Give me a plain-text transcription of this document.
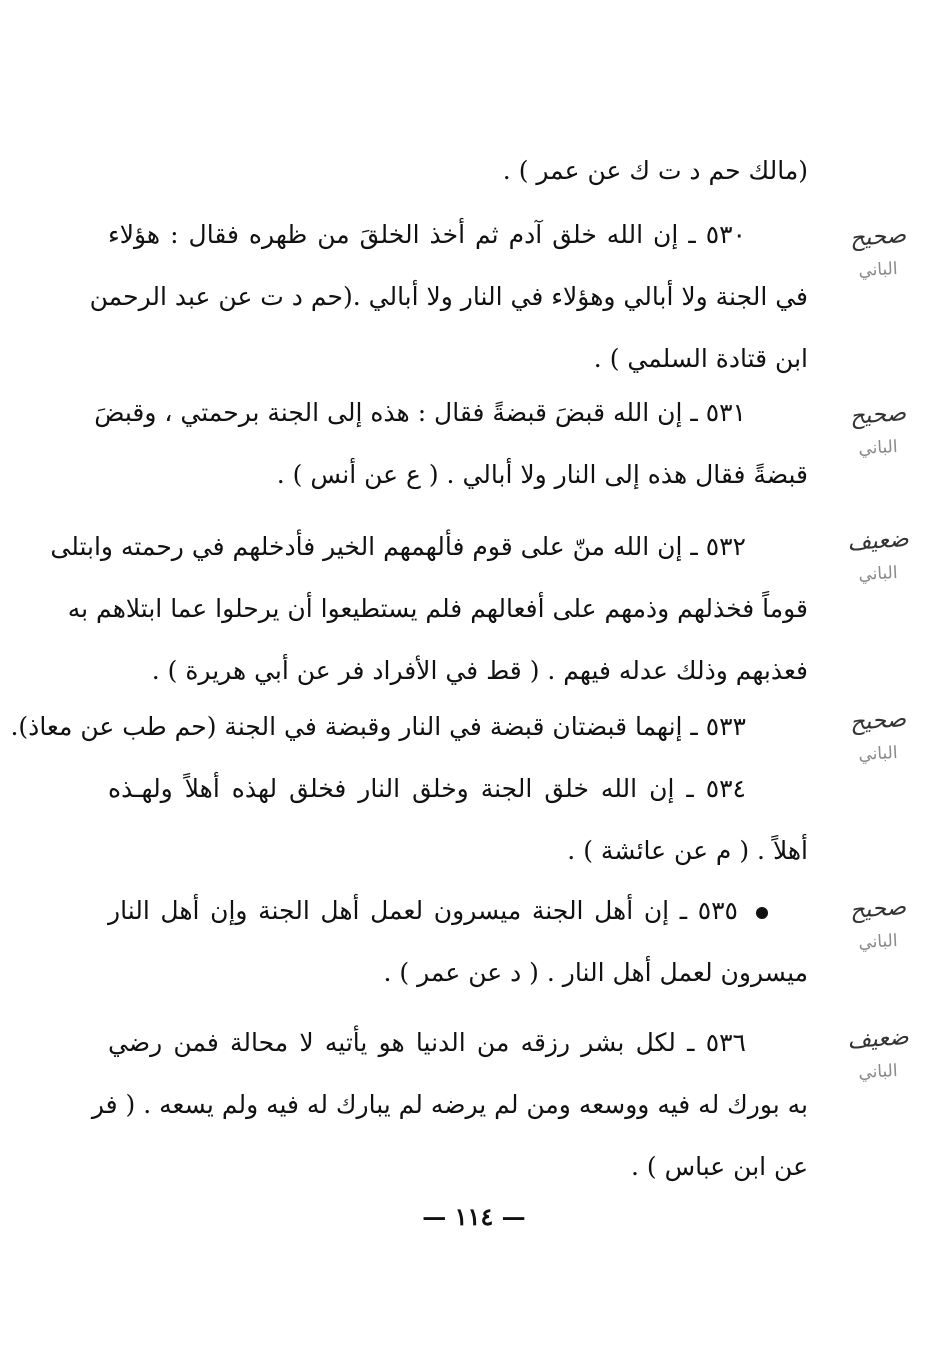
(مالك حم د ت ك عن عمر ) .
صحيح
الباني
٥٣٠ ـ إن الله خلق آدم ثم أخذ الخلقَ من ظهره فقال : هؤلاء
في الجنة ولا أبالي وهؤلاء في النار ولا أبالي .(حم د ت عن عبد الرحمن
ابن قتادة السلمي ) .
صحيح
الباني
٥٣١ ـ إن الله قبضَ قبضةً فقال : هذه إلى الجنة برحمتي ، وقبضَ
قبضةً فقال هذه إلى النار ولا أبالي . ( ع عن أنس ) .
ضعيف
الباني
٥٣٢ ـ إن الله منّ على قوم فألهمهم الخير فأدخلهم في رحمته وابتلى
قوماً فخذلهم وذمهم على أفعالهم فلم يستطيعوا أن يرحلوا عما ابتلاهم به
فعذبهم وذلك عدله فيهم . ( قط في الأفراد فر عن أبي هريرة ) .
صحيح
الباني
٥٣٣ ـ إنهما قبضتان قبضة في النار وقبضة في الجنة (حم طب عن معاذ).
٥٣٤ ـ إن الله خلق الجنة وخلق النار فخلق لهذه أهلاً ولهـذه
أهلاً . ( م عن عائشة ) .
صحيح
الباني
٥٣٥ ـ إن أهل الجنة ميسرون لعمل أهل الجنة وإن أهل النار
ميسرون لعمل أهل النار . ( د عن عمر ) .
ضعيف
الباني
٥٣٦ ـ لكل بشر رزقه من الدنيا هو يأتيه لا محالة فمن رضي
به بورك له فيه ووسعه ومن لم يرضه لم يبارك له فيه ولم يسعه . ( فر
عن ابن عباس ) .
— ١١٤ —
